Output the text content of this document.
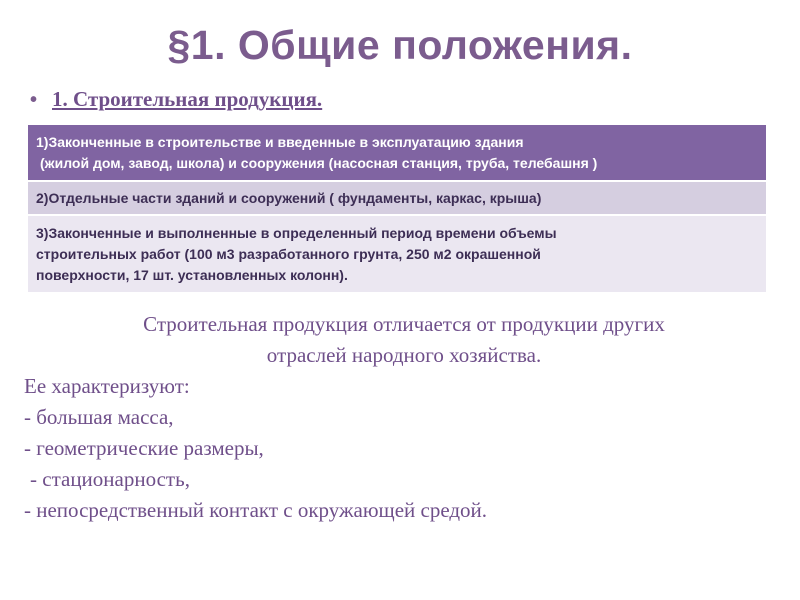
§1. Общие положения.
• 1. Строительная продукция.
1)Законченные в строительстве и введенные в эксплуатацию здания
(жилой дом, завод, школа) и сооружения (насосная станция, труба, телебашня )

2)Отдельные части зданий и сооружений ( фундаменты, каркас, крыша)

3)Законченные и выполненные в определенный период времени объемы
строительных работ (100 м3 разработанного грунта, 250 м2 окрашенной
поверхности, 17 шт. установленных колонн).
Строительная продукция отличается от продукции других
отраслей народного хозяйства.
Ее характеризуют:
- большая масса,
- геометрические размеры,
- стационарность,
- непосредственный контакт с окружающей средой.
